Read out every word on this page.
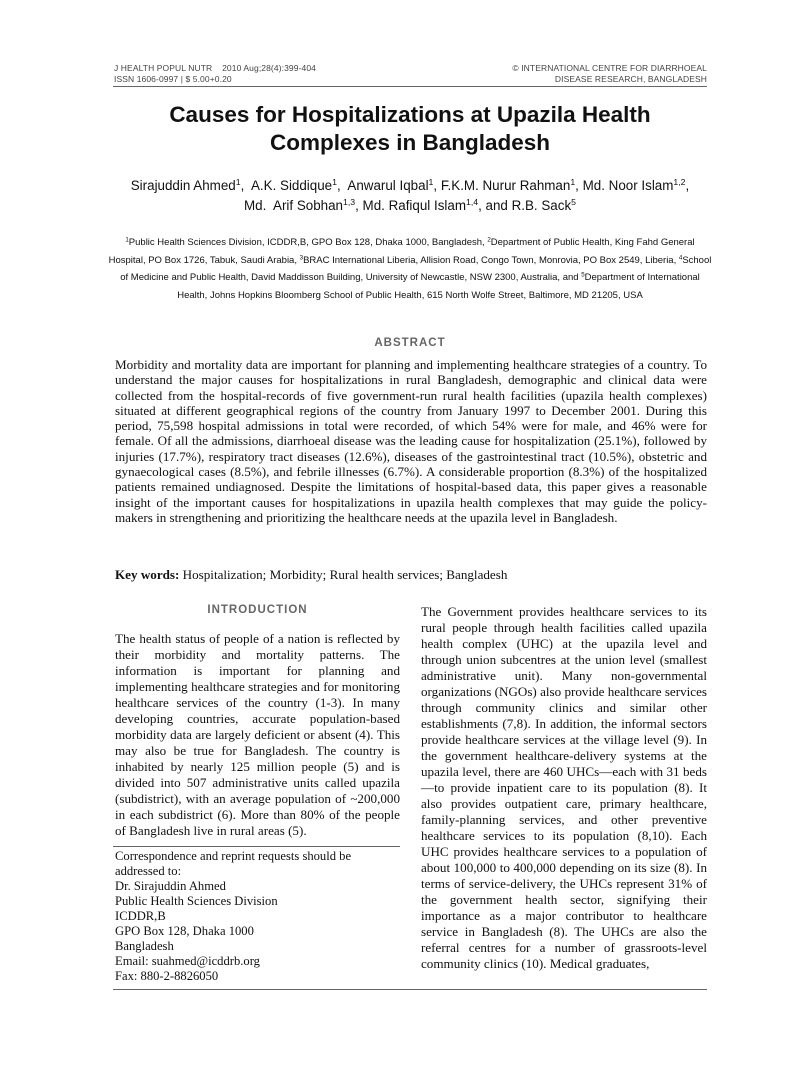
J HEALTH POPUL NUTR    2010 Aug;28(4):399-404
ISSN 1606-0997 | $ 5.00+0.20
© INTERNATIONAL CENTRE FOR DIARRHOEAL
DISEASE RESEARCH, BANGLADESH
Causes for Hospitalizations at Upazila Health
Complexes in Bangladesh
Sirajuddin Ahmed$^1$,  A.K. Siddique$^1$,  Anwarul Iqbal$^1$, F.K.M. Nurur Rahman$^1$, Md. Noor Islam$^{1,2}$,
Md.  Arif Sobhan$^{1,3}$, Md. Rafiqul Islam$^{1,4}$, and R.B. Sack$^5$
$^1$Public Health Sciences Division, ICDDR,B, GPO Box 128, Dhaka 1000, Bangladesh, $^2$Department of Public Health, King Fahd General Hospital, PO Box 1726, Tabuk, Saudi Arabia, $^3$BRAC International Liberia, Allision Road, Congo Town, Monrovia, PO Box 2549, Liberia, $^4$School of Medicine and Public Health, David Maddisson Building, University of Newcastle, NSW 2300, Australia, and $^5$Department of International Health, Johns Hopkins Bloomberg School of Public Health, 615 North Wolfe Street, Baltimore, MD 21205, USA
ABSTRACT
Morbidity and mortality data are important for planning and implementing healthcare strategies of a country. To understand the major causes for hospitalizations in rural Bangladesh, demographic and clinical data were collected from the hospital-records of five government-run rural health facilities (upazila health complexes) situated at different geographical regions of the country from January 1997 to December 2001. During this period, 75,598 hospital admissions in total were recorded, of which 54% were for male, and 46% were for female. Of all the admissions, diarrhoeal disease was the leading cause for hospitalization (25.1%), followed by injuries (17.7%), respiratory tract diseases (12.6%), diseases of the gastrointestinal tract (10.5%), obstetric and gynaecological cases (8.5%), and febrile illnesses (6.7%). A considerable proportion (8.3%) of the hospitalized patients remained undiagnosed. Despite the limitations of hospital-based data, this paper gives a reasonable insight of the important causes for hospitalizations in upazila health complexes that may guide the policy-makers in strengthening and prioritizing the healthcare needs at the upazila level in Bangladesh.
Key words: Hospitalization; Morbidity; Rural health services; Bangladesh
INTRODUCTION
The health status of people of a nation is reflected by their morbidity and mortality patterns. The information is important for planning and implementing healthcare strategies and for monitoring healthcare services of the country (1-3). In many developing countries, accurate population-based morbidity data are largely deficient or absent (4). This may also be true for Bangladesh. The country is inhabited by nearly 125 million people (5) and is divided into 507 administrative units called upazila (subdistrict), with an average population of ~200,000 in each subdistrict (6). More than 80% of the people of Bangladesh live in rural areas (5).
Correspondence and reprint requests should be
addressed to:
Dr. Sirajuddin Ahmed
Public Health Sciences Division
ICDDR,B
GPO Box 128, Dhaka 1000
Bangladesh
Email: suahmed@icddrb.org
Fax: 880-2-8826050
The Government provides healthcare services to its rural people through health facilities called upazila health complex (UHC) at the upazila level and through union subcentres at the union level (smallest administrative unit). Many non-governmental organizations (NGOs) also provide healthcare services through community clinics and similar other establishments (7,8). In addition, the informal sectors provide healthcare services at the village level (9). In the government healthcare-delivery systems at the upazila level, there are 460 UHCs—each with 31 beds—to provide inpatient care to its population (8). It also provides outpatient care, primary healthcare, family-planning services, and other preventive healthcare services to its population (8,10). Each UHC provides healthcare services to a population of about 100,000 to 400,000 depending on its size (8). In terms of service-delivery, the UHCs represent 31% of the government health sector, signifying their importance as a major contributor to healthcare service in Bangladesh (8). The UHCs are also the referral centres for a number of grassroots-level community clinics (10). Medical graduates,
